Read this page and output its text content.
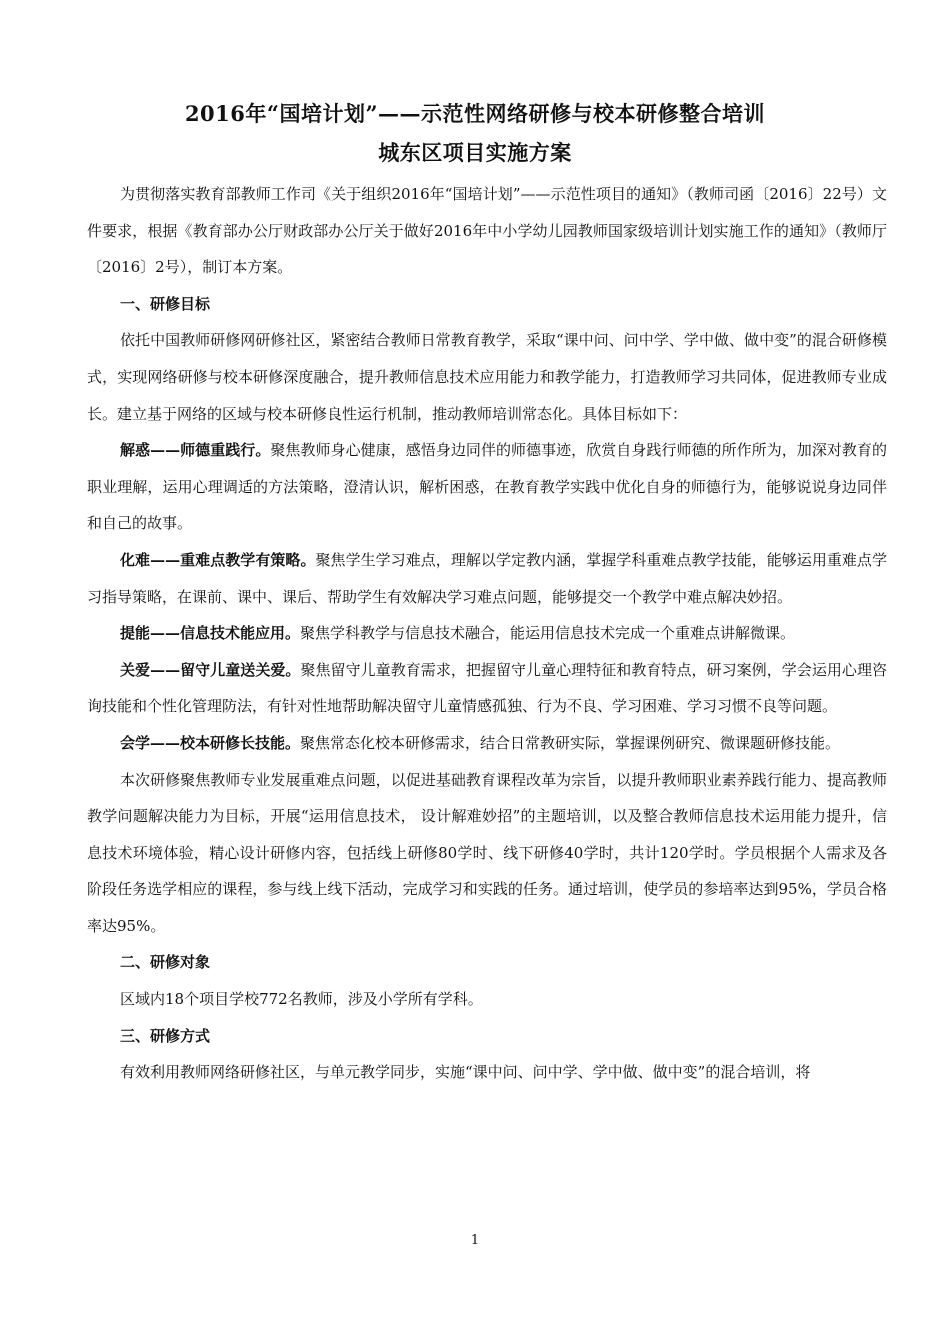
2016年“国培计划”——示范性网络研修与校本研修整合培训
城东区项目实施方案

为贯彻落实教育部教师工作司《关于组织2016年“国培计划”——示范性项目的通知》（教师司函〔2016〕22号）文件要求，根据《教育部办公厅财政部办公厅关于做好2016年中小学幼儿园教师国家级培训计划实施工作的通知》（教师厅〔2016〕2号），制订本方案。

一、研修目标

依托中国教师研修网研修社区，紧密结合教师日常教育教学，采取“课中问、问中学、学中做、做中变”的混合研修模式，实现网络研修与校本研修深度融合，提升教师信息技术应用能力和教学能力，打造教师学习共同体，促进教师专业成长。建立基于网络的区域与校本研修良性运行机制，推动教师培训常态化。具体目标如下：

解惑——师德重践行。聚焦教师身心健康，感悟身边同伴的师德事迹，欣赏自身践行师德的所作所为，加深对教育的职业理解，运用心理调适的方法策略，澄清认识，解析困惑，在教育教学实践中优化自身的师德行为，能够说说身边同伴和自己的故事。

化难——重难点教学有策略。聚焦学生学习难点，理解以学定教内涵，掌握学科重难点教学技能，能够运用重难点学习指导策略，在课前、课中、课后、帮助学生有效解决学习难点问题，能够提交一个教学中难点解决妙招。

提能——信息技术能应用。聚焦学科教学与信息技术融合，能运用信息技术完成一个重难点讲解微课。

关爱——留守儿童送关爱。聚焦留守儿童教育需求，把握留守儿童心理特征和教育特点，研习案例，学会运用心理咨询技能和个性化管理防法，有针对性地帮助解决留守儿童情感孤独、行为不良、学习困难、学习习惯不良等问题。

会学——校本研修长技能。聚焦常态化校本研修需求，结合日常教研实际，掌握课例研究、微课题研修技能。

本次研修聚焦教师专业发展重难点问题，以促进基础教育课程改革为宗旨，以提升教师职业素养践行能力、提高教师教学问题解决能力为目标，开展“运用信息技术， 设计解难妙招”的主题培训，以及整合教师信息技术运用能力提升，信息技术环境体验，精心设计研修内容，包括线上研修80学时、线下研修40学时，共计120学时。学员根据个人需求及各阶段任务选学相应的课程，参与线上线下活动，完成学习和实践的任务。通过培训，使学员的参培率达到95%，学员合格率达95%。

二、研修对象

区域内18个项目学校772名教师，涉及小学所有学科。

三、研修方式

有效利用教师网络研修社区，与单元教学同步，实施“课中问、问中学、学中做、做中变”的混合培训，将

1
